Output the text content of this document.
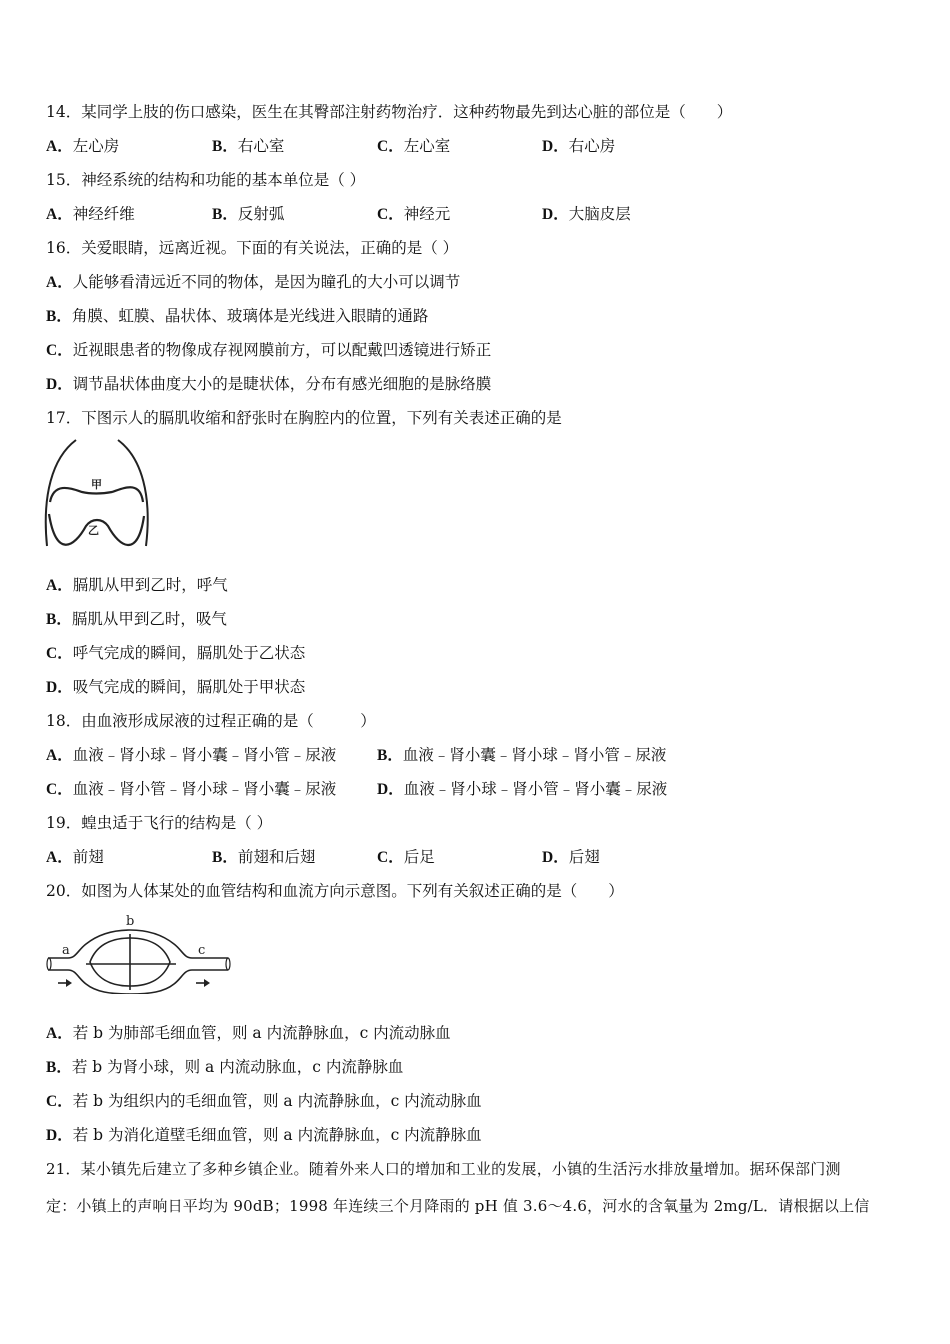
14．某同学上肢的伤口感染，医生在其臀部注射药物治疗．这种药物最先到达心脏的部位是（　　）
A．左心房	B．右心室	C．左心室	D．右心房
15．神经系统的结构和功能的基本单位是（ ）
A．神经纤维	B．反射弧	C．神经元	D．大脑皮层
16．关爱眼睛，远离近视。下面的有关说法，正确的是（ ）
A．人能够看清远近不同的物体，是因为瞳孔的大小可以调节
B．角膜、虹膜、晶状体、玻璃体是光线进入眼睛的通路
C．近视眼患者的物像成存视网膜前方，可以配戴凹透镜进行矫正
D．调节晶状体曲度大小的是睫状体，分布有感光细胞的是脉络膜
17．下图示人的膈肌收缩和舒张时在胸腔内的位置，下列有关表述正确的是
甲
乙
A．膈肌从甲到乙时，呼气
B．膈肌从甲到乙时，吸气
C．呼气完成的瞬间，膈肌处于乙状态
D．吸气完成的瞬间，膈肌处于甲状态
18．由血液形成尿液的过程正确的是（　　　）
A．血液﹣肾小球﹣肾小囊﹣肾小管﹣尿液	B．血液﹣肾小囊﹣肾小球﹣肾小管﹣尿液
C．血液﹣肾小管﹣肾小球﹣肾小囊﹣尿液	D．血液﹣肾小球﹣肾小管﹣肾小囊﹣尿液
19．蝗虫适于飞行的结构是（ ）
A．前翅	B．前翅和后翅	C．后足	D．后翅
20．如图为人体某处的血管结构和血流方向示意图。下列有关叙述正确的是（　　）
a
b
c
A．若 b 为肺部毛细血管，则 a 内流静脉血，c 内流动脉血
B．若 b 为肾小球，则 a 内流动脉血，c 内流静脉血
C．若 b 为组织内的毛细血管，则 a 内流静脉血，c 内流动脉血
D．若 b 为消化道壁毛细血管，则 a 内流静脉血，c 内流静脉血
21．某小镇先后建立了多种乡镇企业。随着外来人口的增加和工业的发展，小镇的生活污水排放量增加。据环保部门测
定：小镇上的声响日平均为 90dB；1998 年连续三个月降雨的 pH 值 3.6～4.6，河水的含氧量为 2mg/L．请根据以上信
